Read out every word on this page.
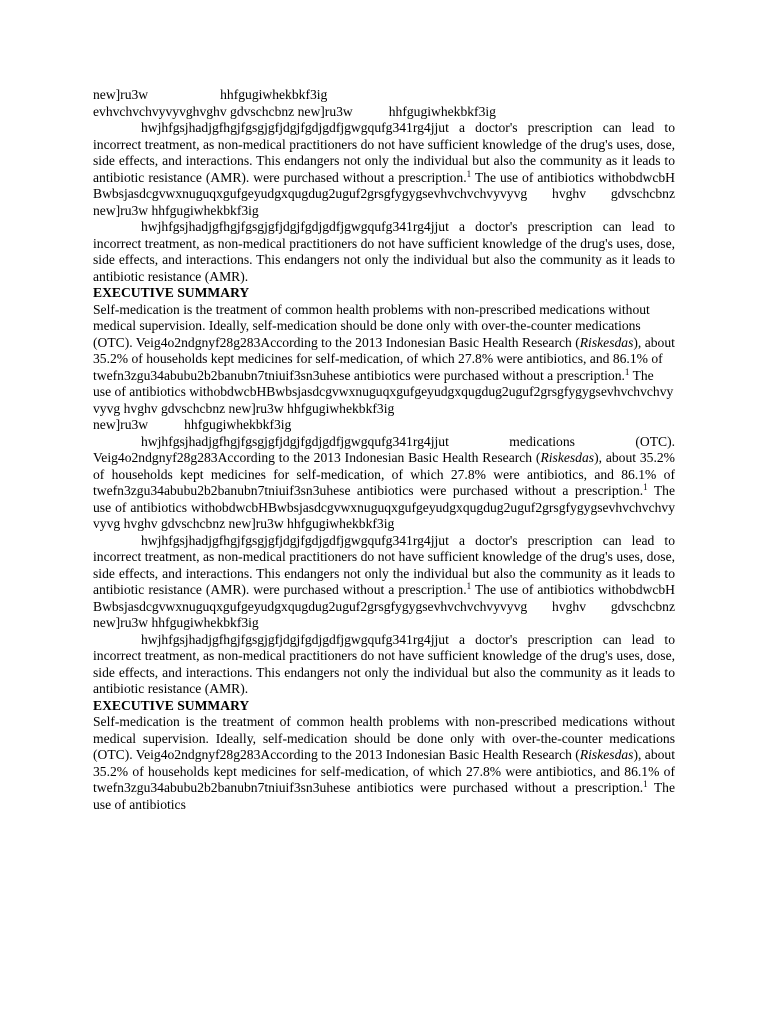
new]ru3w	hhfgugiwhekbkf3ig

evhvchvchvyvyvghvghv gdvschcbnz new]ru3w	hhfgugiwhekbkf3ig

hwjhfgsjhadjgfhgjfgsgjgfjdgjfgdjgdfjgwgqufg341rg4jjut a doctor's prescription can lead to incorrect treatment, as non-medical practitioners do not have sufficient knowledge of the drug's uses, dose, side effects, and interactions. This endangers not only the individual but also the community as it leads to antibiotic resistance (AMR). were purchased without a prescription.$^1$ The use of antibiotics withobdwcbHBwbsjasdcgvwxnuguqxgufgeyudgxqugdug2uguf2grsgfygygsevhvchvchvyvyvg hvghv gdvschcbnz new]ru3w hhfgugiwhekbkf3ig

hwjhfgsjhadjgfhgjfgsgjgfjdgjfgdjgdfjgwgqufg341rg4jjut a doctor's prescription can lead to incorrect treatment, as non-medical practitioners do not have sufficient knowledge of the drug's uses, dose, side effects, and interactions. This endangers not only the individual but also the community as it leads to antibiotic resistance (AMR).

EXECUTIVE SUMMARY

Self-medication is the treatment of common health problems with non-prescribed medications without medical supervision. Ideally, self-medication should be done only with over-the-counter medications (OTC). Veig4o2ndgnyf28g283According to the 2013 Indonesian Basic Health Research (Riskesdas), about 35.2% of households kept medicines for self-medication, of which 27.8% were antibiotics, and 86.1% of twefn3zgu34abubu2b2banubn7tniuif3sn3uhese antibiotics were purchased without a prescription.$^1$ The use of antibiotics withobdwcbHBwbsjasdcgvwxnuguqxgufgeyudgxqugdug2uguf2grsgfygygsevhvchvchvyvyvg hvghv gdvschcbnz new]ru3w hhfgugiwhekbkf3ig

new]ru3w	hhfgugiwhekbkf3ig

hwjhfgsjhadjgfhgjfgsgjgfjdgjfgdjgdfjgwgqufg341rg4jjut medications (OTC). Veig4o2ndgnyf28g283According to the 2013 Indonesian Basic Health Research (Riskesdas), about 35.2% of households kept medicines for self-medication, of which 27.8% were antibiotics, and 86.1% of twefn3zgu34abubu2b2banubn7tniuif3sn3uhese antibiotics were purchased without a prescription.$^1$ The use of antibiotics withobdwcbHBwbsjasdcgvwxnuguqxgufgeyudgxqugdug2uguf2grsgfygygsevhvchvchvyvyvg hvghv gdvschcbnz new]ru3w hhfgugiwhekbkf3ig

hwjhfgsjhadjgfhgjfgsgjgfjdgjfgdjgdfjgwgqufg341rg4jjut a doctor's prescription can lead to incorrect treatment, as non-medical practitioners do not have sufficient knowledge of the drug's uses, dose, side effects, and interactions. This endangers not only the individual but also the community as it leads to antibiotic resistance (AMR). were purchased without a prescription.$^1$ The use of antibiotics withobdwcbHBwbsjasdcgvwxnuguqxgufgeyudgxqugdug2uguf2grsgfygygsevhvchvchvyvyvg hvghv gdvschcbnz new]ru3w hhfgugiwhekbkf3ig

hwjhfgsjhadjgfhgjfgsgjgfjdgjfgdjgdfjgwgqufg341rg4jjut a doctor's prescription can lead to incorrect treatment, as non-medical practitioners do not have sufficient knowledge of the drug's uses, dose, side effects, and interactions. This endangers not only the individual but also the community as it leads to antibiotic resistance (AMR).

EXECUTIVE SUMMARY

Self-medication is the treatment of common health problems with non-prescribed medications without medical supervision. Ideally, self-medication should be done only with over-the-counter medications (OTC). Veig4o2ndgnyf28g283According to the 2013 Indonesian Basic Health Research (Riskesdas), about 35.2% of households kept medicines for self-medication, of which 27.8% were antibiotics, and 86.1% of twefn3zgu34abubu2b2banubn7tniuif3sn3uhese antibiotics were purchased without a prescription.$^1$ The use of antibiotics
